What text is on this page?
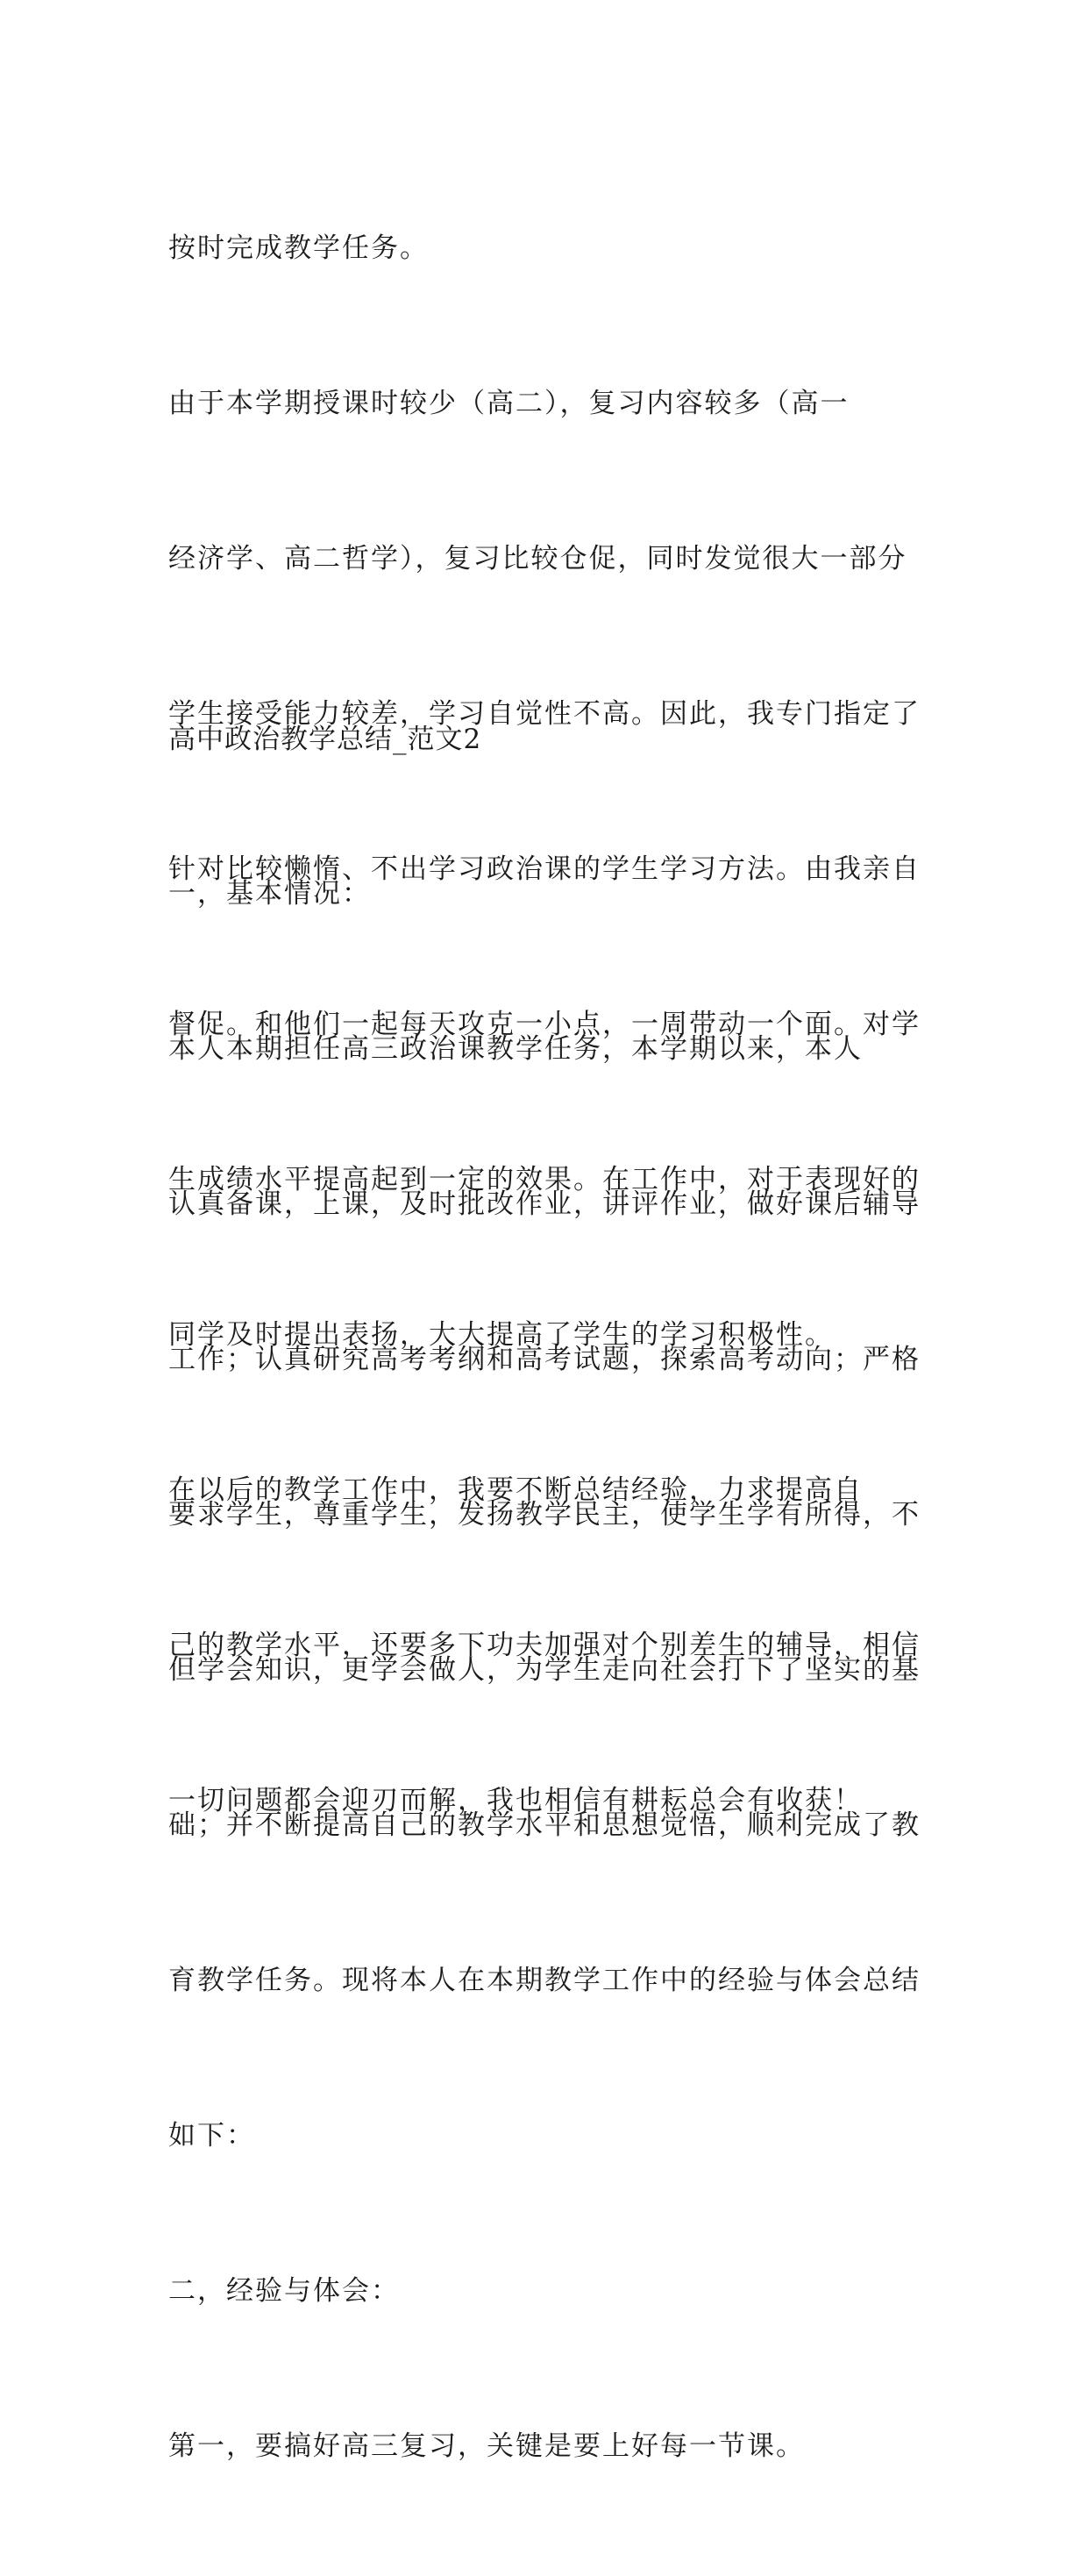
按时完成教学任务。

由于本学期授课时较少（高二），复习内容较多（高一

经济学、高二哲学），复习比较仓促，同时发觉很大一部分

学生接受能力较差，学习自觉性不高。因此，我专门指定了

针对比较懒惰、不出学习政治课的学生学习方法。由我亲自

督促。和他们一起每天攻克一小点，一周带动一个面。对学

生成绩水平提高起到一定的效果。在工作中，对于表现好的

同学及时提出表扬，大大提高了学生的学习积极性。

在以后的教学工作中，我要不断总结经验，力求提高自

己的教学水平，还要多下功夫加强对个别差生的辅导，相信

一切问题都会迎刃而解，我也相信有耕耘总会有收获！

高中政治教学总结_范文2

一，基本情况：

本人本期担任高三政治课教学任务，本学期以来，本人

认真备课，上课，及时批改作业，讲评作业，做好课后辅导

工作；认真研究高考考纲和高考试题，探索高考动向；严格

要求学生，尊重学生，发扬教学民主，使学生学有所得，不

但学会知识，更学会做人，为学生走向社会打下了坚实的基

础；并不断提高自己的教学水平和思想觉悟，顺利完成了教

育教学任务。现将本人在本期教学工作中的经验与体会总结

如下：

二，经验与体会：

第一，要搞好高三复习，关键是要上好每一节课。
